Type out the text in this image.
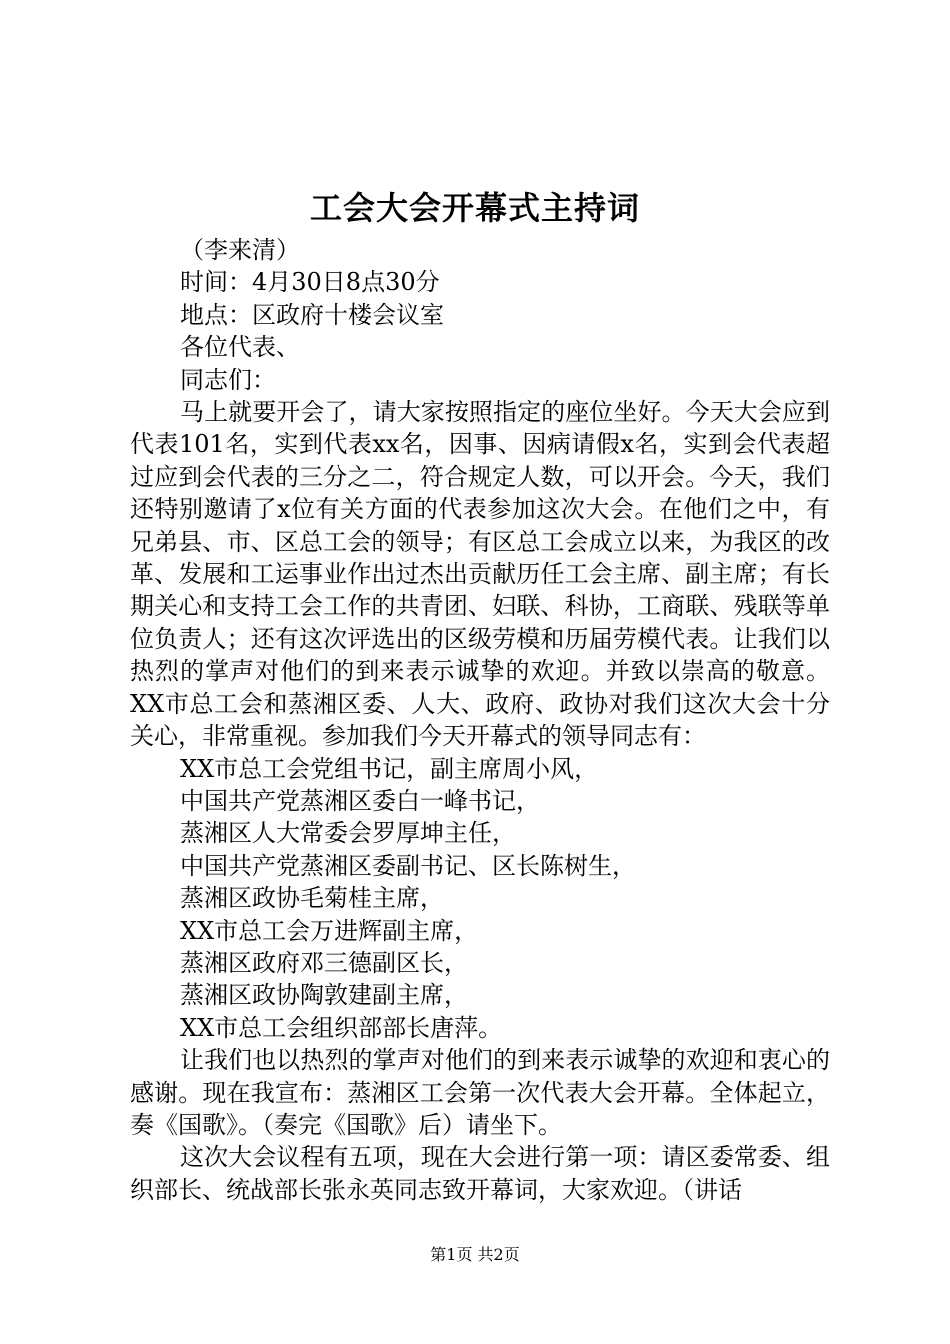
工会大会开幕式主持词
（李来清）
时间：4月30日8点30分
地点：区政府十楼会议室
各位代表、
同志们：
马上就要开会了，请大家按照指定的座位坐好。今天大会应到代表101名，实到代表xx名，因事、因病请假x名，实到会代表超过应到会代表的三分之二，符合规定人数，可以开会。今天，我们还特别邀请了x位有关方面的代表参加这次大会。在他们之中，有兄弟县、市、区总工会的领导；有区总工会成立以来，为我区的改革、发展和工运事业作出过杰出贡献历任工会主席、副主席；有长期关心和支持工会工作的共青团、妇联、科协，工商联、残联等单位负责人；还有这次评选出的区级劳模和历届劳模代表。让我们以热烈的掌声对他们的到来表示诚挚的欢迎。并致以崇高的敬意。XX市总工会和蒸湘区委、人大、政府、政协对我们这次大会十分关心，非常重视。参加我们今天开幕式的领导同志有：
XX市总工会党组书记，副主席周小风，
中国共产党蒸湘区委白一峰书记，
蒸湘区人大常委会罗厚坤主任，
中国共产党蒸湘区委副书记、区长陈树生，
蒸湘区政协毛菊桂主席，
XX市总工会万进辉副主席，
蒸湘区政府邓三德副区长，
蒸湘区政协陶敦建副主席，
XX市总工会组织部部长唐萍。
让我们也以热烈的掌声对他们的到来表示诚挚的欢迎和衷心的感谢。现在我宣布：蒸湘区工会第一次代表大会开幕。全体起立，奏《国歌》。（奏完《国歌》后）请坐下。
这次大会议程有五项，现在大会进行第一项：请区委常委、组织部长、统战部长张永英同志致开幕词，大家欢迎。（讲话
第1页 共2页
